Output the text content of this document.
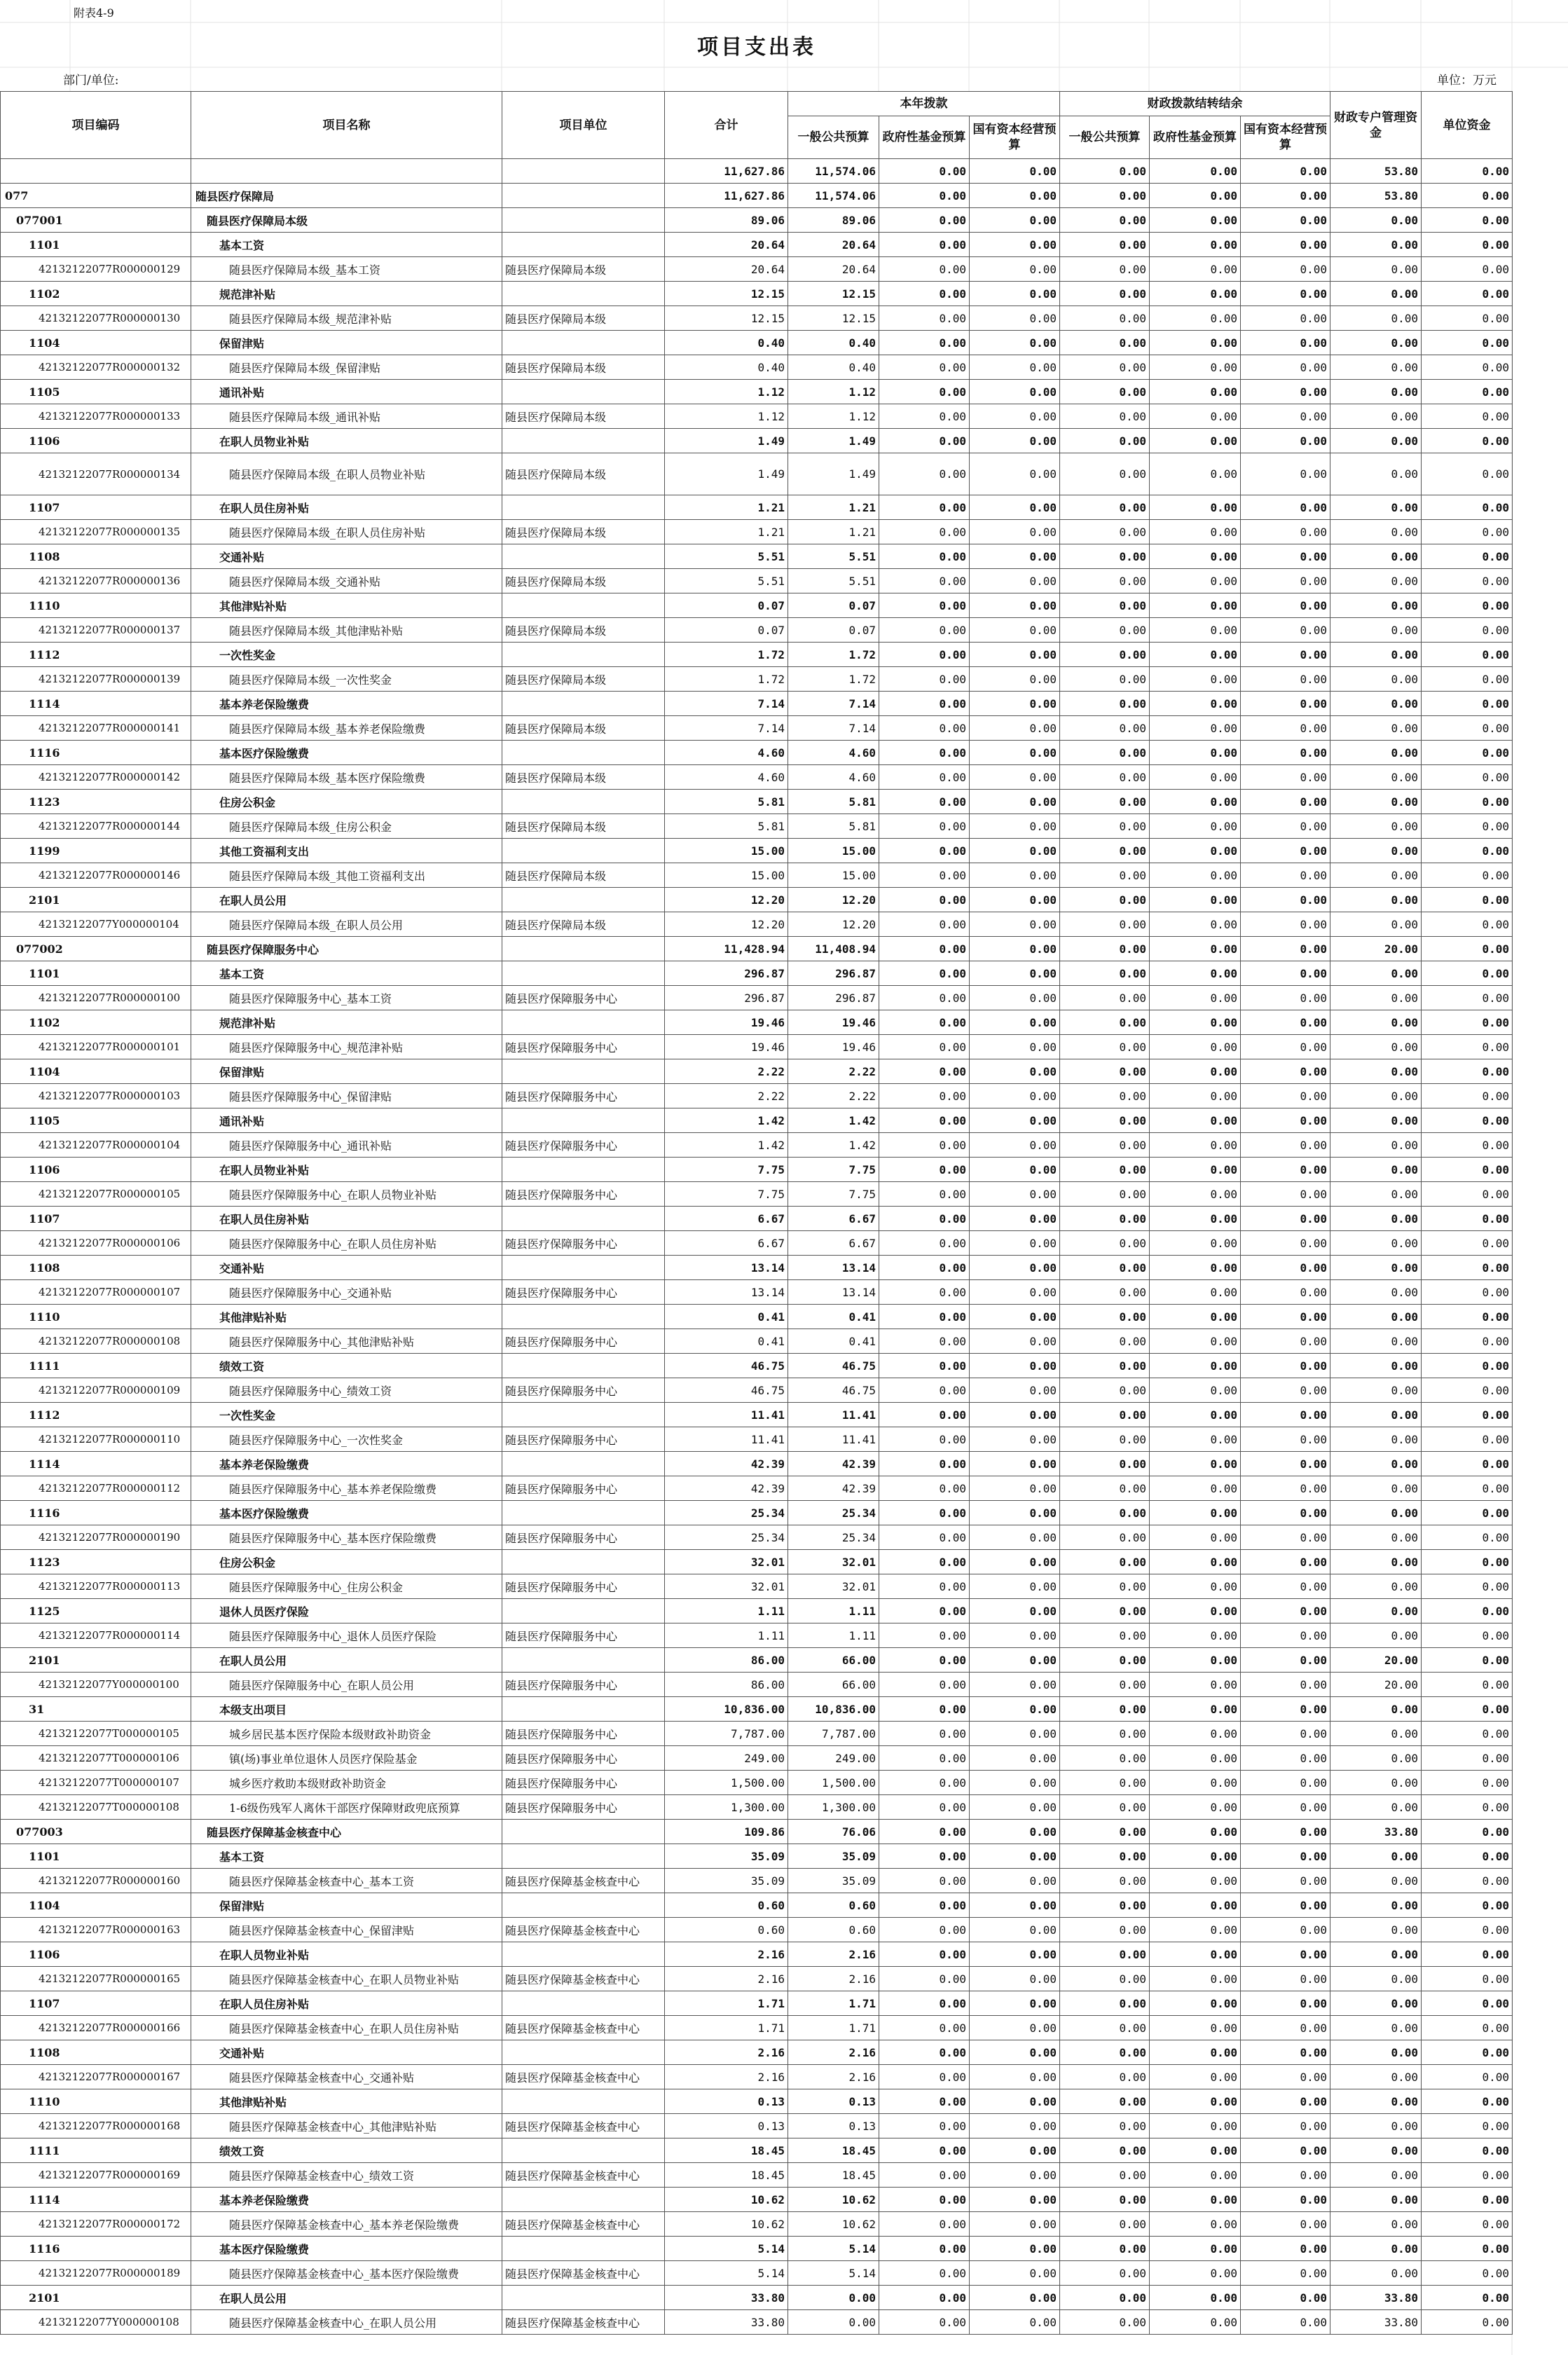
附表4-9
项目支出表
部门/单位:	单位：万元
项目编码	项目名称	项目单位	合计	本年拨款			财政拨款结转结余			财政专户管理资金	单位资金
				一般公共预算	政府性基金预算	国有资本经营预算	一般公共预算	政府性基金预算	国有资本经营预算		
			11,627.86	11,574.06	0.00	0.00	0.00	0.00	0.00	53.80	0.00
077	随县医疗保障局		11,627.86	11,574.06	0.00	0.00	0.00	0.00	0.00	53.80	0.00
077001	随县医疗保障局本级		89.06	89.06	0.00	0.00	0.00	0.00	0.00	0.00	0.00
1101	基本工资		20.64	20.64	0.00	0.00	0.00	0.00	0.00	0.00	0.00
42132122077R000000129	随县医疗保障局本级_基本工资	随县医疗保障局本级	20.64	20.64	0.00	0.00	0.00	0.00	0.00	0.00	0.00
1102	规范津补贴		12.15	12.15	0.00	0.00	0.00	0.00	0.00	0.00	0.00
42132122077R000000130	随县医疗保障局本级_规范津补贴	随县医疗保障局本级	12.15	12.15	0.00	0.00	0.00	0.00	0.00	0.00	0.00
1104	保留津贴		0.40	0.40	0.00	0.00	0.00	0.00	0.00	0.00	0.00
42132122077R000000132	随县医疗保障局本级_保留津贴	随县医疗保障局本级	0.40	0.40	0.00	0.00	0.00	0.00	0.00	0.00	0.00
1105	通讯补贴		1.12	1.12	0.00	0.00	0.00	0.00	0.00	0.00	0.00
42132122077R000000133	随县医疗保障局本级_通讯补贴	随县医疗保障局本级	1.12	1.12	0.00	0.00	0.00	0.00	0.00	0.00	0.00
1106	在职人员物业补贴		1.49	1.49	0.00	0.00	0.00	0.00	0.00	0.00	0.00
42132122077R000000134	随县医疗保障局本级_在职人员物业补贴	随县医疗保障局本级	1.49	1.49	0.00	0.00	0.00	0.00	0.00	0.00	0.00
1107	在职人员住房补贴		1.21	1.21	0.00	0.00	0.00	0.00	0.00	0.00	0.00
42132122077R000000135	随县医疗保障局本级_在职人员住房补贴	随县医疗保障局本级	1.21	1.21	0.00	0.00	0.00	0.00	0.00	0.00	0.00
1108	交通补贴		5.51	5.51	0.00	0.00	0.00	0.00	0.00	0.00	0.00
42132122077R000000136	随县医疗保障局本级_交通补贴	随县医疗保障局本级	5.51	5.51	0.00	0.00	0.00	0.00	0.00	0.00	0.00
1110	其他津贴补贴		0.07	0.07	0.00	0.00	0.00	0.00	0.00	0.00	0.00
42132122077R000000137	随县医疗保障局本级_其他津贴补贴	随县医疗保障局本级	0.07	0.07	0.00	0.00	0.00	0.00	0.00	0.00	0.00
1112	一次性奖金		1.72	1.72	0.00	0.00	0.00	0.00	0.00	0.00	0.00
42132122077R000000139	随县医疗保障局本级_一次性奖金	随县医疗保障局本级	1.72	1.72	0.00	0.00	0.00	0.00	0.00	0.00	0.00
1114	基本养老保险缴费		7.14	7.14	0.00	0.00	0.00	0.00	0.00	0.00	0.00
42132122077R000000141	随县医疗保障局本级_基本养老保险缴费	随县医疗保障局本级	7.14	7.14	0.00	0.00	0.00	0.00	0.00	0.00	0.00
1116	基本医疗保险缴费		4.60	4.60	0.00	0.00	0.00	0.00	0.00	0.00	0.00
42132122077R000000142	随县医疗保障局本级_基本医疗保险缴费	随县医疗保障局本级	4.60	4.60	0.00	0.00	0.00	0.00	0.00	0.00	0.00
1123	住房公积金		5.81	5.81	0.00	0.00	0.00	0.00	0.00	0.00	0.00
42132122077R000000144	随县医疗保障局本级_住房公积金	随县医疗保障局本级	5.81	5.81	0.00	0.00	0.00	0.00	0.00	0.00	0.00
1199	其他工资福利支出		15.00	15.00	0.00	0.00	0.00	0.00	0.00	0.00	0.00
42132122077R000000146	随县医疗保障局本级_其他工资福利支出	随县医疗保障局本级	15.00	15.00	0.00	0.00	0.00	0.00	0.00	0.00	0.00
2101	在职人员公用		12.20	12.20	0.00	0.00	0.00	0.00	0.00	0.00	0.00
42132122077Y000000104	随县医疗保障局本级_在职人员公用	随县医疗保障局本级	12.20	12.20	0.00	0.00	0.00	0.00	0.00	0.00	0.00
077002	随县医疗保障服务中心		11,428.94	11,408.94	0.00	0.00	0.00	0.00	0.00	20.00	0.00
1101	基本工资		296.87	296.87	0.00	0.00	0.00	0.00	0.00	0.00	0.00
42132122077R000000100	随县医疗保障服务中心_基本工资	随县医疗保障服务中心	296.87	296.87	0.00	0.00	0.00	0.00	0.00	0.00	0.00
1102	规范津补贴		19.46	19.46	0.00	0.00	0.00	0.00	0.00	0.00	0.00
42132122077R000000101	随县医疗保障服务中心_规范津补贴	随县医疗保障服务中心	19.46	19.46	0.00	0.00	0.00	0.00	0.00	0.00	0.00
1104	保留津贴		2.22	2.22	0.00	0.00	0.00	0.00	0.00	0.00	0.00
42132122077R000000103	随县医疗保障服务中心_保留津贴	随县医疗保障服务中心	2.22	2.22	0.00	0.00	0.00	0.00	0.00	0.00	0.00
1105	通讯补贴		1.42	1.42	0.00	0.00	0.00	0.00	0.00	0.00	0.00
42132122077R000000104	随县医疗保障服务中心_通讯补贴	随县医疗保障服务中心	1.42	1.42	0.00	0.00	0.00	0.00	0.00	0.00	0.00
1106	在职人员物业补贴		7.75	7.75	0.00	0.00	0.00	0.00	0.00	0.00	0.00
42132122077R000000105	随县医疗保障服务中心_在职人员物业补贴	随县医疗保障服务中心	7.75	7.75	0.00	0.00	0.00	0.00	0.00	0.00	0.00
1107	在职人员住房补贴		6.67	6.67	0.00	0.00	0.00	0.00	0.00	0.00	0.00
42132122077R000000106	随县医疗保障服务中心_在职人员住房补贴	随县医疗保障服务中心	6.67	6.67	0.00	0.00	0.00	0.00	0.00	0.00	0.00
1108	交通补贴		13.14	13.14	0.00	0.00	0.00	0.00	0.00	0.00	0.00
42132122077R000000107	随县医疗保障服务中心_交通补贴	随县医疗保障服务中心	13.14	13.14	0.00	0.00	0.00	0.00	0.00	0.00	0.00
1110	其他津贴补贴		0.41	0.41	0.00	0.00	0.00	0.00	0.00	0.00	0.00
42132122077R000000108	随县医疗保障服务中心_其他津贴补贴	随县医疗保障服务中心	0.41	0.41	0.00	0.00	0.00	0.00	0.00	0.00	0.00
1111	绩效工资		46.75	46.75	0.00	0.00	0.00	0.00	0.00	0.00	0.00
42132122077R000000109	随县医疗保障服务中心_绩效工资	随县医疗保障服务中心	46.75	46.75	0.00	0.00	0.00	0.00	0.00	0.00	0.00
1112	一次性奖金		11.41	11.41	0.00	0.00	0.00	0.00	0.00	0.00	0.00
42132122077R000000110	随县医疗保障服务中心_一次性奖金	随县医疗保障服务中心	11.41	11.41	0.00	0.00	0.00	0.00	0.00	0.00	0.00
1114	基本养老保险缴费		42.39	42.39	0.00	0.00	0.00	0.00	0.00	0.00	0.00
42132122077R000000112	随县医疗保障服务中心_基本养老保险缴费	随县医疗保障服务中心	42.39	42.39	0.00	0.00	0.00	0.00	0.00	0.00	0.00
1116	基本医疗保险缴费		25.34	25.34	0.00	0.00	0.00	0.00	0.00	0.00	0.00
42132122077R000000190	随县医疗保障服务中心_基本医疗保险缴费	随县医疗保障服务中心	25.34	25.34	0.00	0.00	0.00	0.00	0.00	0.00	0.00
1123	住房公积金		32.01	32.01	0.00	0.00	0.00	0.00	0.00	0.00	0.00
42132122077R000000113	随县医疗保障服务中心_住房公积金	随县医疗保障服务中心	32.01	32.01	0.00	0.00	0.00	0.00	0.00	0.00	0.00
1125	退休人员医疗保险		1.11	1.11	0.00	0.00	0.00	0.00	0.00	0.00	0.00
42132122077R000000114	随县医疗保障服务中心_退休人员医疗保险	随县医疗保障服务中心	1.11	1.11	0.00	0.00	0.00	0.00	0.00	0.00	0.00
2101	在职人员公用		86.00	66.00	0.00	0.00	0.00	0.00	0.00	20.00	0.00
42132122077Y000000100	随县医疗保障服务中心_在职人员公用	随县医疗保障服务中心	86.00	66.00	0.00	0.00	0.00	0.00	0.00	20.00	0.00
31	本级支出项目		10,836.00	10,836.00	0.00	0.00	0.00	0.00	0.00	0.00	0.00
42132122077T000000105	城乡居民基本医疗保险本级财政补助资金	随县医疗保障服务中心	7,787.00	7,787.00	0.00	0.00	0.00	0.00	0.00	0.00	0.00
42132122077T000000106	镇(场)事业单位退休人员医疗保险基金	随县医疗保障服务中心	249.00	249.00	0.00	0.00	0.00	0.00	0.00	0.00	0.00
42132122077T000000107	城乡医疗救助本级财政补助资金	随县医疗保障服务中心	1,500.00	1,500.00	0.00	0.00	0.00	0.00	0.00	0.00	0.00
42132122077T000000108	1-6级伤残军人离休干部医疗保障财政兜底预算	随县医疗保障服务中心	1,300.00	1,300.00	0.00	0.00	0.00	0.00	0.00	0.00	0.00
077003	随县医疗保障基金核查中心		109.86	76.06	0.00	0.00	0.00	0.00	0.00	33.80	0.00
1101	基本工资		35.09	35.09	0.00	0.00	0.00	0.00	0.00	0.00	0.00
42132122077R000000160	随县医疗保障基金核查中心_基本工资	随县医疗保障基金核查中心	35.09	35.09	0.00	0.00	0.00	0.00	0.00	0.00	0.00
1104	保留津贴		0.60	0.60	0.00	0.00	0.00	0.00	0.00	0.00	0.00
42132122077R000000163	随县医疗保障基金核查中心_保留津贴	随县医疗保障基金核查中心	0.60	0.60	0.00	0.00	0.00	0.00	0.00	0.00	0.00
1106	在职人员物业补贴		2.16	2.16	0.00	0.00	0.00	0.00	0.00	0.00	0.00
42132122077R000000165	随县医疗保障基金核查中心_在职人员物业补贴	随县医疗保障基金核查中心	2.16	2.16	0.00	0.00	0.00	0.00	0.00	0.00	0.00
1107	在职人员住房补贴		1.71	1.71	0.00	0.00	0.00	0.00	0.00	0.00	0.00
42132122077R000000166	随县医疗保障基金核查中心_在职人员住房补贴	随县医疗保障基金核查中心	1.71	1.71	0.00	0.00	0.00	0.00	0.00	0.00	0.00
1108	交通补贴		2.16	2.16	0.00	0.00	0.00	0.00	0.00	0.00	0.00
42132122077R000000167	随县医疗保障基金核查中心_交通补贴	随县医疗保障基金核查中心	2.16	2.16	0.00	0.00	0.00	0.00	0.00	0.00	0.00
1110	其他津贴补贴		0.13	0.13	0.00	0.00	0.00	0.00	0.00	0.00	0.00
42132122077R000000168	随县医疗保障基金核查中心_其他津贴补贴	随县医疗保障基金核查中心	0.13	0.13	0.00	0.00	0.00	0.00	0.00	0.00	0.00
1111	绩效工资		18.45	18.45	0.00	0.00	0.00	0.00	0.00	0.00	0.00
42132122077R000000169	随县医疗保障基金核查中心_绩效工资	随县医疗保障基金核查中心	18.45	18.45	0.00	0.00	0.00	0.00	0.00	0.00	0.00
1114	基本养老保险缴费		10.62	10.62	0.00	0.00	0.00	0.00	0.00	0.00	0.00
42132122077R000000172	随县医疗保障基金核查中心_基本养老保险缴费	随县医疗保障基金核查中心	10.62	10.62	0.00	0.00	0.00	0.00	0.00	0.00	0.00
1116	基本医疗保险缴费		5.14	5.14	0.00	0.00	0.00	0.00	0.00	0.00	0.00
42132122077R000000189	随县医疗保障基金核查中心_基本医疗保险缴费	随县医疗保障基金核查中心	5.14	5.14	0.00	0.00	0.00	0.00	0.00	0.00	0.00
2101	在职人员公用		33.80	0.00	0.00	0.00	0.00	0.00	0.00	33.80	0.00
42132122077Y000000108	随县医疗保障基金核查中心_在职人员公用	随县医疗保障基金核查中心	33.80	0.00	0.00	0.00	0.00	0.00	0.00	33.80	0.00
